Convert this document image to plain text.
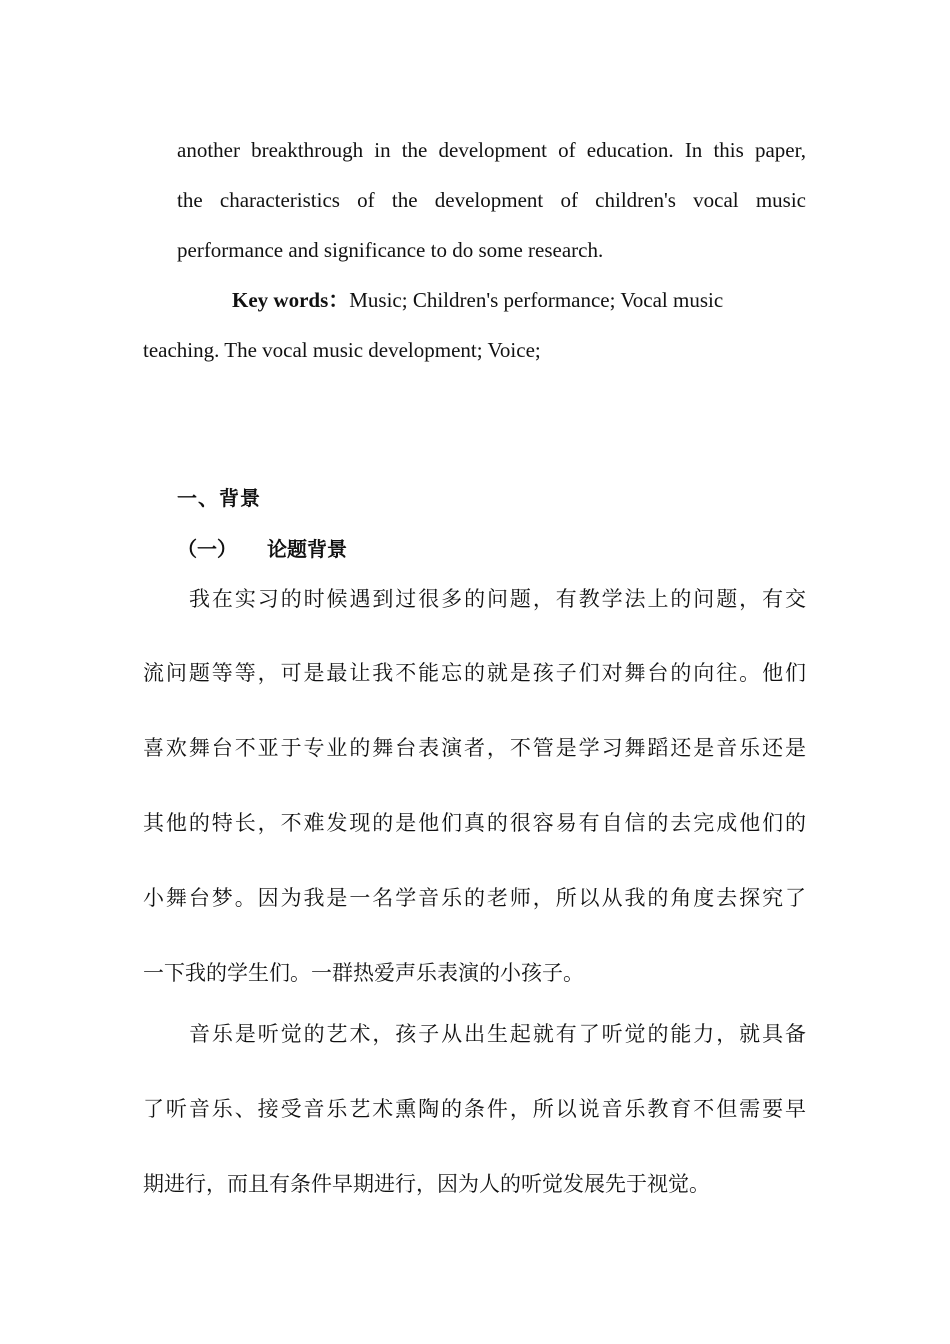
another breakthrough in the development of education. In this paper,
the characteristics of the development of children's vocal music
performance and significance to do some research.
Key words：Music; Children's performance; Vocal music
teaching. The vocal music development; Voice;
一、背景
（一） 论题背景
我在实习的时候遇到过很多的问题，有教学法上的问题，有交
流问题等等，可是最让我不能忘的就是孩子们对舞台的向往。他们
喜欢舞台不亚于专业的舞台表演者，不管是学习舞蹈还是音乐还是
其他的特长，不难发现的是他们真的很容易有自信的去完成他们的
小舞台梦。因为我是一名学音乐的老师，所以从我的角度去探究了
一下我的学生们。一群热爱声乐表演的小孩子。
音乐是听觉的艺术，孩子从出生起就有了听觉的能力，就具备
了听音乐、接受音乐艺术熏陶的条件，所以说音乐教育不但需要早
期进行，而且有条件早期进行，因为人的听觉发展先于视觉。
